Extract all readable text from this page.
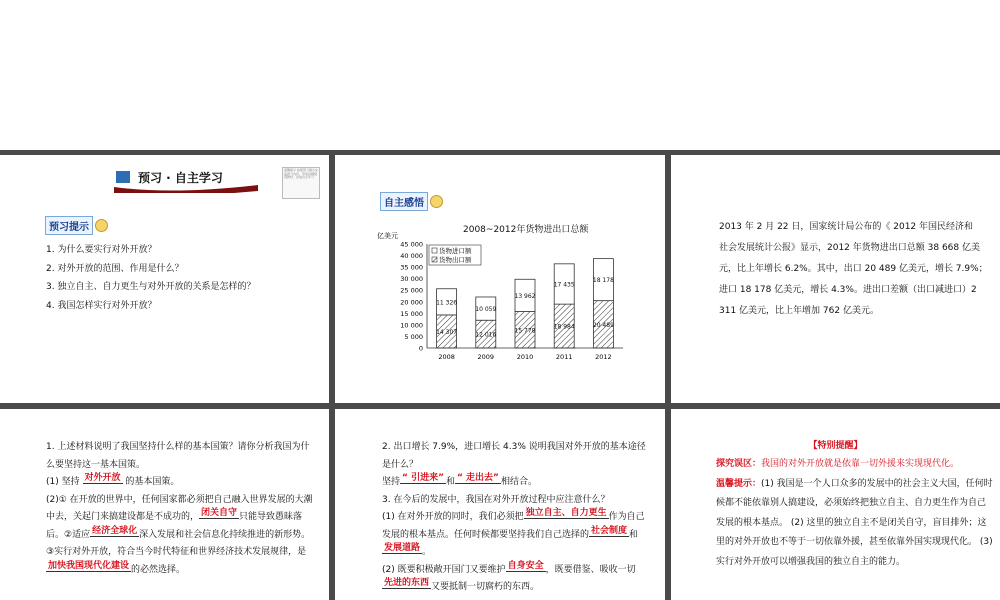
预习 · 自主学习
温馨提示 按照预习提示完成预习内容，带着问题阅读教材，完成自主学习
预习提示
1. 为什么要实行对外开放？
2. 对外开放的范围、作用是什么？
3. 独立自主、自力更生与对外开放的关系是怎样的？
4. 我国怎样实行对外开放？
自主感悟
2008~2012年货物进出口总额
亿美元
45 000
40 000
35 000
30 000
25 000
20 000
15 000
10 000
5 000
0
货物进口额
货物出口额
14 307
11 326
2008
12 016
10 059
2009
15 778
13 962
2010
18 984
17 435
2011
20 489
18 178
2012
2013 年 2 月 22 日，国家统计局公布的《 2012 年国民经济和
社会发展统计公报》显示，2012 年货物进出口总额 38 668 亿美元，比上年增长 6.2%。其中，出口 20 489 亿美元，增长 7.9%；
进口 18 178 亿美元，增长 4.3%。进出口差额（出口减进口）2 311 亿美元，比上年增加 762 亿美元。
1. 上述材料说明了我国坚持什么样的基本国策？请你分析我国为什么要坚持这一基本国策。
(1) 坚持 对外开放 的基本国策。
(2)① 在开放的世界中，任何国家都必须把自己融入世界发展的大潮中去，关起门来搞建设都是不成功的， 闭关自守 只能导致愚昧落后。②适应 经济全球化 深入发展和社会信息化持续推进的新形势。③实行对外开放，符合当今时代特征和世界经济技术发展规律，是加快我国现代化建设 的必然选择。
2. 出口增长 7.9%，进口增长 4.3% 说明我国对外开放的基本途径是什么？
坚持 “ 引进来” 和 “ 走出去” 相结合。
3. 在今后的发展中，我国在对外开放过程中应注意什么？
(1) 在对外开放的同时，我们必须把 独立自主、自力更生 作为自己发展的根本基点。任何时候都要坚持我们自己选择的 社会制度 和发展道路 。
(2) 既要积极敞开国门又要维护 自身安全 ，既要借鉴、吸收一切先进的东西 又要抵制一切腐朽的东西。
【特别提醒】
探究误区：我国的对外开放就是依靠一切外援来实现现代化。
温馨提示：(1) 我国是一个人口众多的发展中的社会主义大国，任何时候都不能依靠别人搞建设，必须始终把独立自主、自力更生作为自己发展的根本基点。 (2) 这里的独立自主不是闭关自守，盲目排外；这里的对外开放也不等于一切依靠外援，甚至依靠外国实现现代化。 (3) 实行对外开放可以增强我国的独立自主的能力。
